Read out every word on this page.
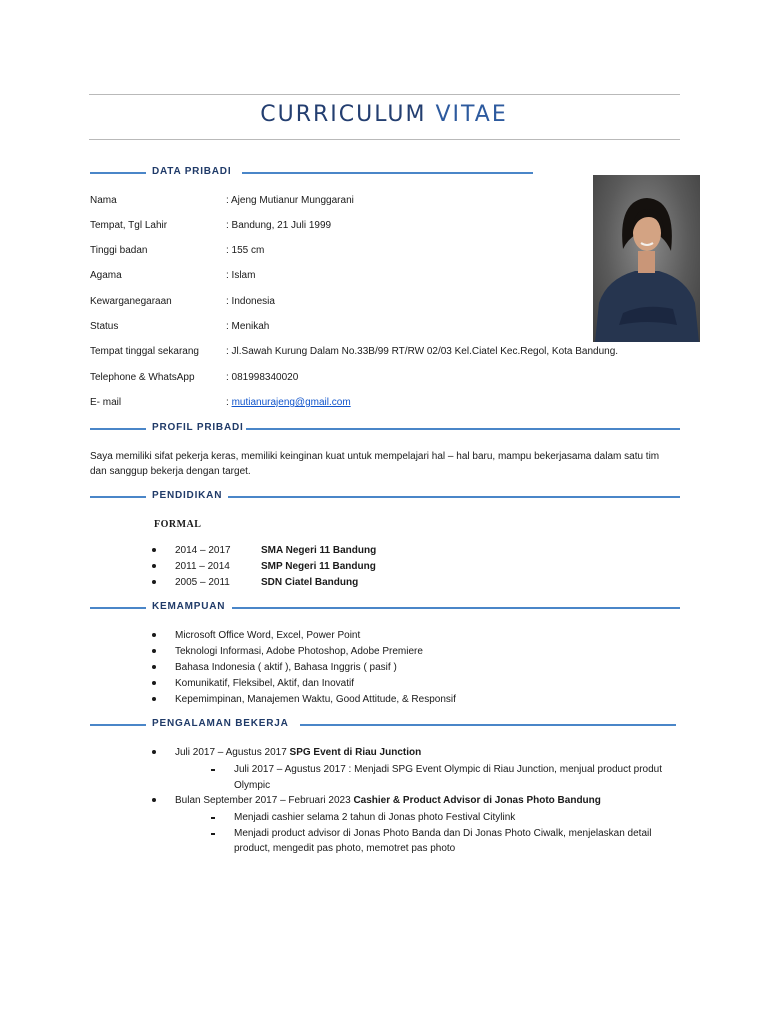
CURRICULUM VITAE
DATA PRIBADI
Nama	: Ajeng Mutianur Munggarani
Tempat, Tgl Lahir	: Bandung, 21 Juli 1999
Tinggi badan	: 155 cm
Agama	: Islam
Kewarganegaraan	: Indonesia
Status	: Menikah
Tempat tinggal sekarang	: Jl.Sawah Kurung Dalam No.33B/99 RT/RW 02/03 Kel.Ciatel Kec.Regol, Kota Bandung.
Telephone & WhatsApp	: 081998340020
E- mail	: mutianurajeng@gmail.com
PROFIL PRIBADI
Saya memiliki sifat pekerja keras, memiliki keinginan kuat untuk mempelajari hal – hal baru, mampu bekerjasama dalam satu tim
dan sanggup bekerja dengan target.
PENDIDIKAN
FORMAL
2014 – 2017	SMA Negeri 11 Bandung
2011 – 2014	SMP Negeri 11 Bandung
2005 – 2011	SDN Ciatel Bandung
KEMAMPUAN
Microsoft Office Word, Excel, Power Point
Teknologi Informasi, Adobe Photoshop, Adobe Premiere
Bahasa Indonesia ( aktif ), Bahasa Inggris ( pasif )
Komunikatif, Fleksibel, Aktif, dan Inovatif
Kepemimpinan, Manajemen Waktu, Good Attitude, & Responsif
PENGALAMAN BEKERJA
Juli 2017 – Agustus 2017 SPG Event di Riau Junction
Juli 2017 – Agustus 2017 : Menjadi SPG Event Olympic di Riau Junction, menjual product produt
Olympic
Bulan September 2017 – Februari 2023 Cashier & Product Advisor di Jonas Photo Bandung
Menjadi cashier selama 2 tahun di Jonas photo Festival Citylink
Menjadi product advisor di Jonas Photo Banda dan Di Jonas Photo Ciwalk, menjelaskan detail
product, mengedit pas photo, memotret pas photo
